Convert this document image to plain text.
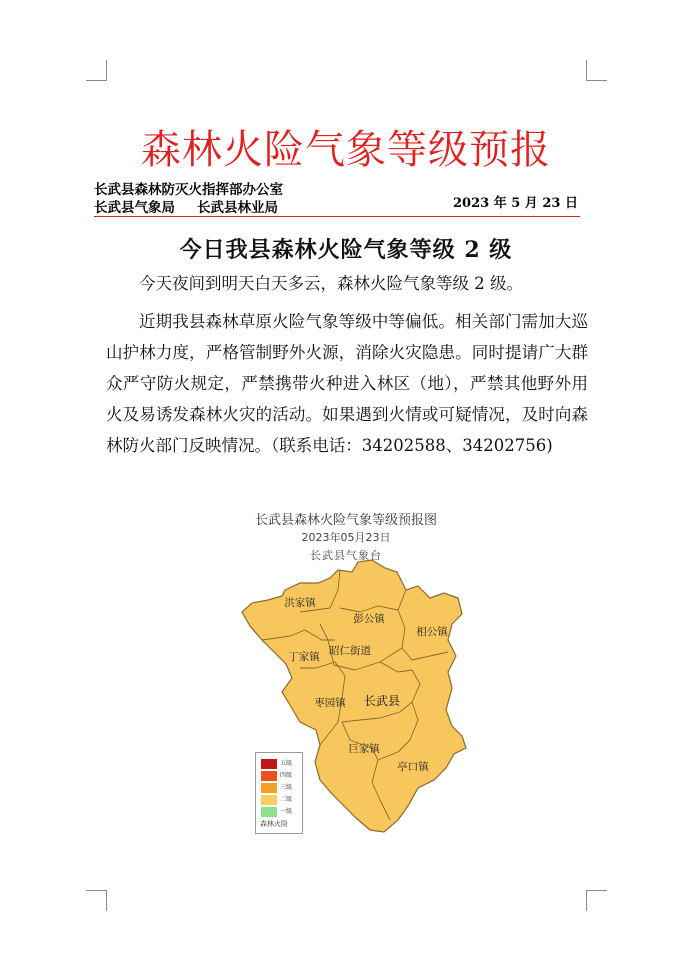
森林火险气象等级预报
长武县森林防灭火指挥部办公室
长武县气象局 长武县林业局	2023 年 5 月 23 日
今日我县森林火险气象等级 2 级

今天夜间到明天白天多云，森林火险气象等级 2 级。

近期我县森林草原火险气象等级中等偏低。相关部门需加大巡山护林力度，严格管制野外火源，消除火灾隐患。同时提请广大群众严守防火规定，严禁携带火种进入林区（地），严禁其他野外用火及易诱发森林火灾的活动。如果遇到火情或可疑情况，及时向森林防火部门反映情况。（联系电话：34202588、34202756)

长武县森林火险气象等级预报图
2023年05月23日
长武县气象台
洪家镇
彭公镇
相公镇
丁家镇 昭仁街道
枣园镇 长武县
巨家镇
亭口镇
五级
四级
三级
二级
一级
森林火险
